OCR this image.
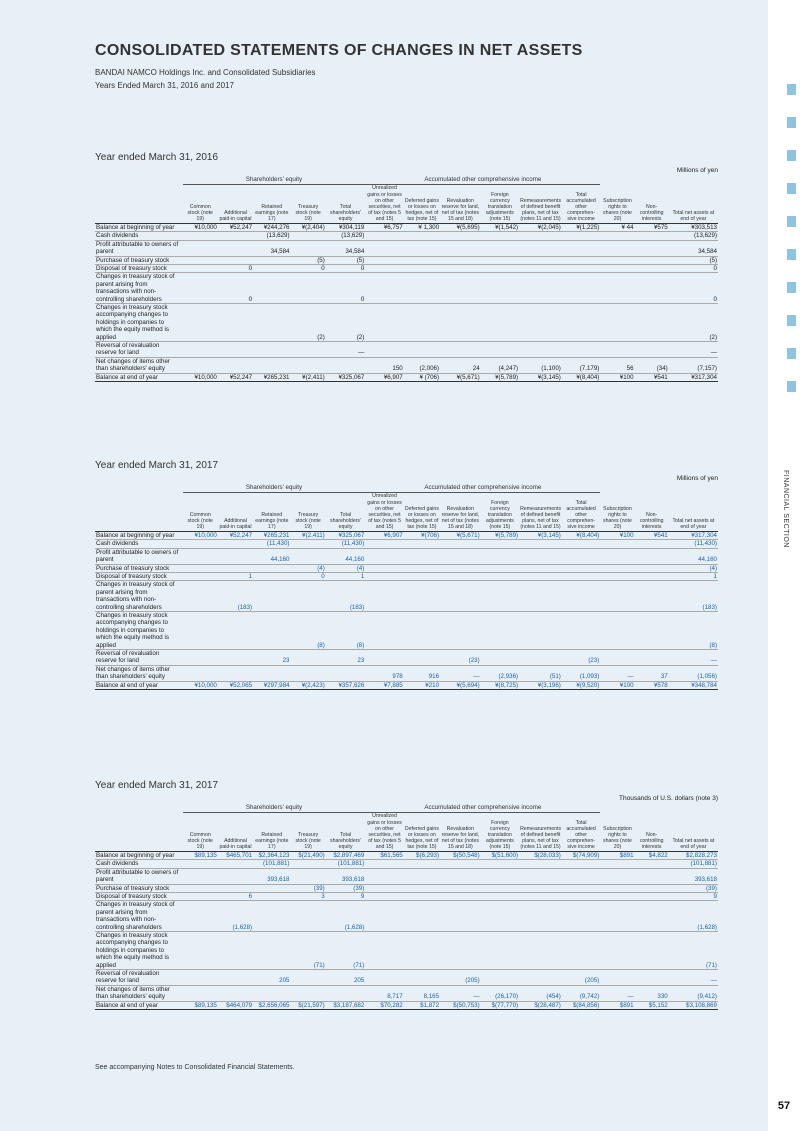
FINANCIAL SECTION
57
CONSOLIDATED STATEMENTS OF CHANGES IN NET ASSETS
BANDAI NAMCO Holdings Inc. and Consolidated Subsidiaries
Years Ended March 31, 2016 and 2017
Year ended March 31, 2016
Millions of yen
	Shareholders' equity					Accumulated other comprehensive income								
	Common stock (note 19)	Additional paid-in capital	Retained earnings (note 17)	Treasury stock (note 19)	Total shareholders' equity	Unrealized gains or losses on other securities, net of tax (notes 5 and 15)	Deferred gains or losses on hedges, net of tax (note 15)	Revaluation reserve for land, net of tax (notes 15 and 18)	Foreign currency translation adjustments (note 15)	Remeasurements of defined benefit plans, net of tax (notes 11 and 15)	Total accumulated other comprehen-sive income	Subscription rights to shares (note 20)	Non-controlling interests	Total net assets at end of year
Balance at beginning of year	¥10,000	¥52,247	¥244,276	¥(2,404)	¥304,119	¥6,757	¥ 1,300	¥(5,695)	¥(1,542)	¥(2,045)	¥(1,225)	¥ 44	¥575	¥303,513
Cash dividends			(13,629)		(13,629)									(13,629)
Profit attributable to owners of parent			34,584		34,584									34,584
Purchase of treasury stock				(5)	(5)									(5)
Disposal of treasury stock		0		0	0									0
Changes in treasury stock of parent arising from transactions with non-controlling shareholders		0			0									0
Changes in treasury stock accompanying changes to holdings in companies to which the equity method is applied				(2)	(2)									(2)
Reversal of revaluation reserve for land					—									—
Net changes of items other than shareholders' equity						150	(2,006)	24	(4,247)	(1,100)	(7,179)	56	(34)	(7,157)
Balance at end of year	¥10,000	¥52,247	¥265,231	¥(2,411)	¥325,067	¥6,907	¥ (706)	¥(5,671)	¥(5,789)	¥(3,145)	¥(8,404)	¥100	¥541	¥317,304
Year ended March 31, 2017
Millions of yen
	Shareholders' equity					Accumulated other comprehensive income								
	Common stock (note 19)	Additional paid-in capital	Retained earnings (note 17)	Treasury stock (note 19)	Total shareholders' equity	Unrealized gains or losses on other securities, net of tax (notes 5 and 15)	Deferred gains or losses on hedges, net of tax (note 15)	Revaluation reserve for land, net of tax (notes 15 and 18)	Foreign currency translation adjustments (note 15)	Remeasurements of defined benefit plans, net of tax (notes 11 and 15)	Total accumulated other comprehen-sive income	Subscription rights to shares (note 20)	Non-controlling interests	Total net assets at end of year
Balance at beginning of year	¥10,000	¥52,247	¥265,231	¥(2,411)	¥325,067	¥6,907	¥(706)	¥(5,671)	¥(5,789)	¥(3,145)	¥(8,404)	¥100	¥541	¥317,304
Cash dividends			(11,430)		(11,430)									(11,430)
Profit attributable to owners of parent			44,160		44,160									44,160
Purchase of treasury stock				(4)	(4)									(4)
Disposal of treasury stock		1		0	1									1
Changes in treasury stock of parent arising from transactions with non-controlling shareholders		(183)			(183)									(183)
Changes in treasury stock accompanying changes to holdings in companies to which the equity method is applied				(8)	(8)									(8)
Reversal of revaluation reserve for land			23		23			(23)			(23)			—
Net changes of items other than shareholders' equity						978	916	—	(2,936)	(51)	(1,093)	—	37	(1,056)
Balance at end of year	¥10,000	¥52,065	¥297,984	¥(2,423)	¥357,626	¥7,885	¥210	¥(5,694)	¥(8,725)	¥(3,196)	¥(9,520)	¥100	¥578	¥348,784
Year ended March 31, 2017
Thousands of U.S. dollars (note 3)
	Shareholders' equity					Accumulated other comprehensive income								
	Common stock (note 19)	Additional paid-in capital	Retained earnings (note 17)	Treasury stock (note 19)	Total shareholders' equity	Unrealized gains or losses on other securities, net of tax (notes 5 and 15)	Deferred gains or losses on hedges, net of tax (note 15)	Revaluation reserve for land, net of tax (notes 15 and 18)	Foreign currency translation adjustments (note 15)	Remeasurements of defined benefit plans, net of tax (notes 11 and 15)	Total accumulated other comprehen-sive income	Subscription rights to shares (note 20)	Non-controlling interests	Total net assets at end of year
Balance at beginning of year	$89,135	$465,701	$2,364,123	$(21,490)	$2,897,469	$61,565	$(6,293)	$(50,548)	$(51,600)	$(28,033)	$(74,909)	$891	$4,822	$2,828,273
Cash dividends			(101,881)		(101,881)									(101,881)
Profit attributable to owners of parent			393,618		393,618									393,618
Purchase of treasury stock				(39)	(39)									(39)
Disposal of treasury stock		6		3	9									9
Changes in treasury stock of parent arising from transactions with non-controlling shareholders		(1,628)			(1,628)									(1,628)
Changes in treasury stock accompanying changes to holdings in companies to which the equity method is applied				(71)	(71)									(71)
Reversal of revaluation reserve for land			205		205			(205)			(205)			—
Net changes of items other than shareholders' equity						8,717	8,165	—	(26,170)	(454)	(9,742)	—	330	(9,412)
Balance at end of year	$89,135	$464,079	$2,656,065	$(21,597)	$3,187,682	$70,282	$1,872	$(50,753)	$(77,770)	$(28,487)	$(84,856)	$891	$5,152	$3,108,869
See accompanying Notes to Consolidated Financial Statements.
